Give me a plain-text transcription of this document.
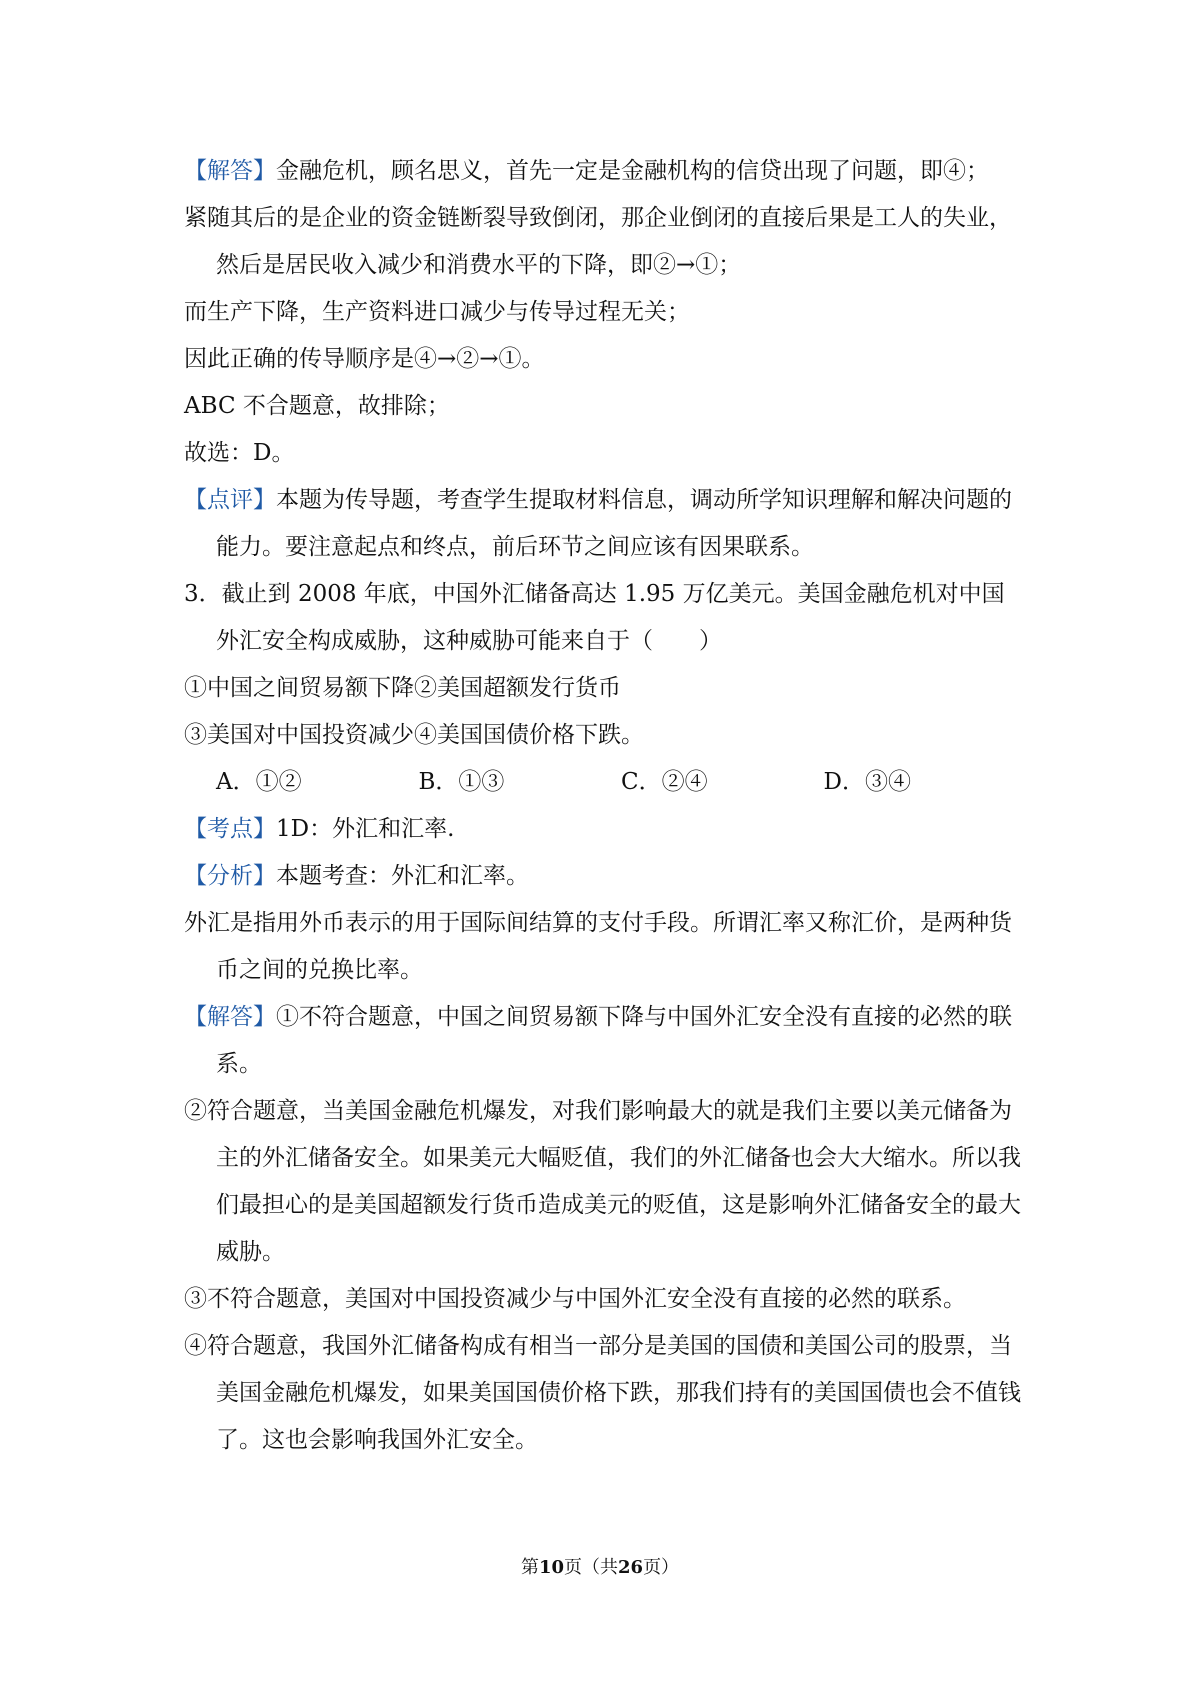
【解答】金融危机，顾名思义，首先一定是金融机构的信贷出现了问题，即④；

紧随其后的是企业的资金链断裂导致倒闭，那企业倒闭的直接后果是工人的失业，然后是居民收入减少和消费水平的下降，即②→①；

而生产下降，生产资料进口减少与传导过程无关；

因此正确的传导顺序是④→②→①。

ABC 不合题意，故排除；

故选：D。

【点评】本题为传导题，考查学生提取材料信息，调动所学知识理解和解决问题的能力。要注意起点和终点，前后环节之间应该有因果联系。

3．截止到 2008 年底，中国外汇储备高达 1.95 万亿美元。美国金融危机对中国外汇安全构成威胁，这种威胁可能来自于（　　）

①中国之间贸易额下降②美国超额发行货币

③美国对中国投资减少④美国国债价格下跌。

A．①②	B．①③	C．②④	D．③④

【考点】1D：外汇和汇率.

【分析】本题考查：外汇和汇率。

外汇是指用外币表示的用于国际间结算的支付手段。所谓汇率又称汇价，是两种货币之间的兑换比率。

【解答】①不符合题意，中国之间贸易额下降与中国外汇安全没有直接的必然的联系。

②符合题意，当美国金融危机爆发，对我们影响最大的就是我们主要以美元储备为主的外汇储备安全。如果美元大幅贬值，我们的外汇储备也会大大缩水。所以我们最担心的是美国超额发行货币造成美元的贬值，这是影响外汇储备安全的最大威胁。

③不符合题意，美国对中国投资减少与中国外汇安全没有直接的必然的联系。

④符合题意，我国外汇储备构成有相当一部分是美国的国债和美国公司的股票，当美国金融危机爆发，如果美国国债价格下跌，那我们持有的美国国债也会不值钱了。这也会影响我国外汇安全。

第10页（共26页）
